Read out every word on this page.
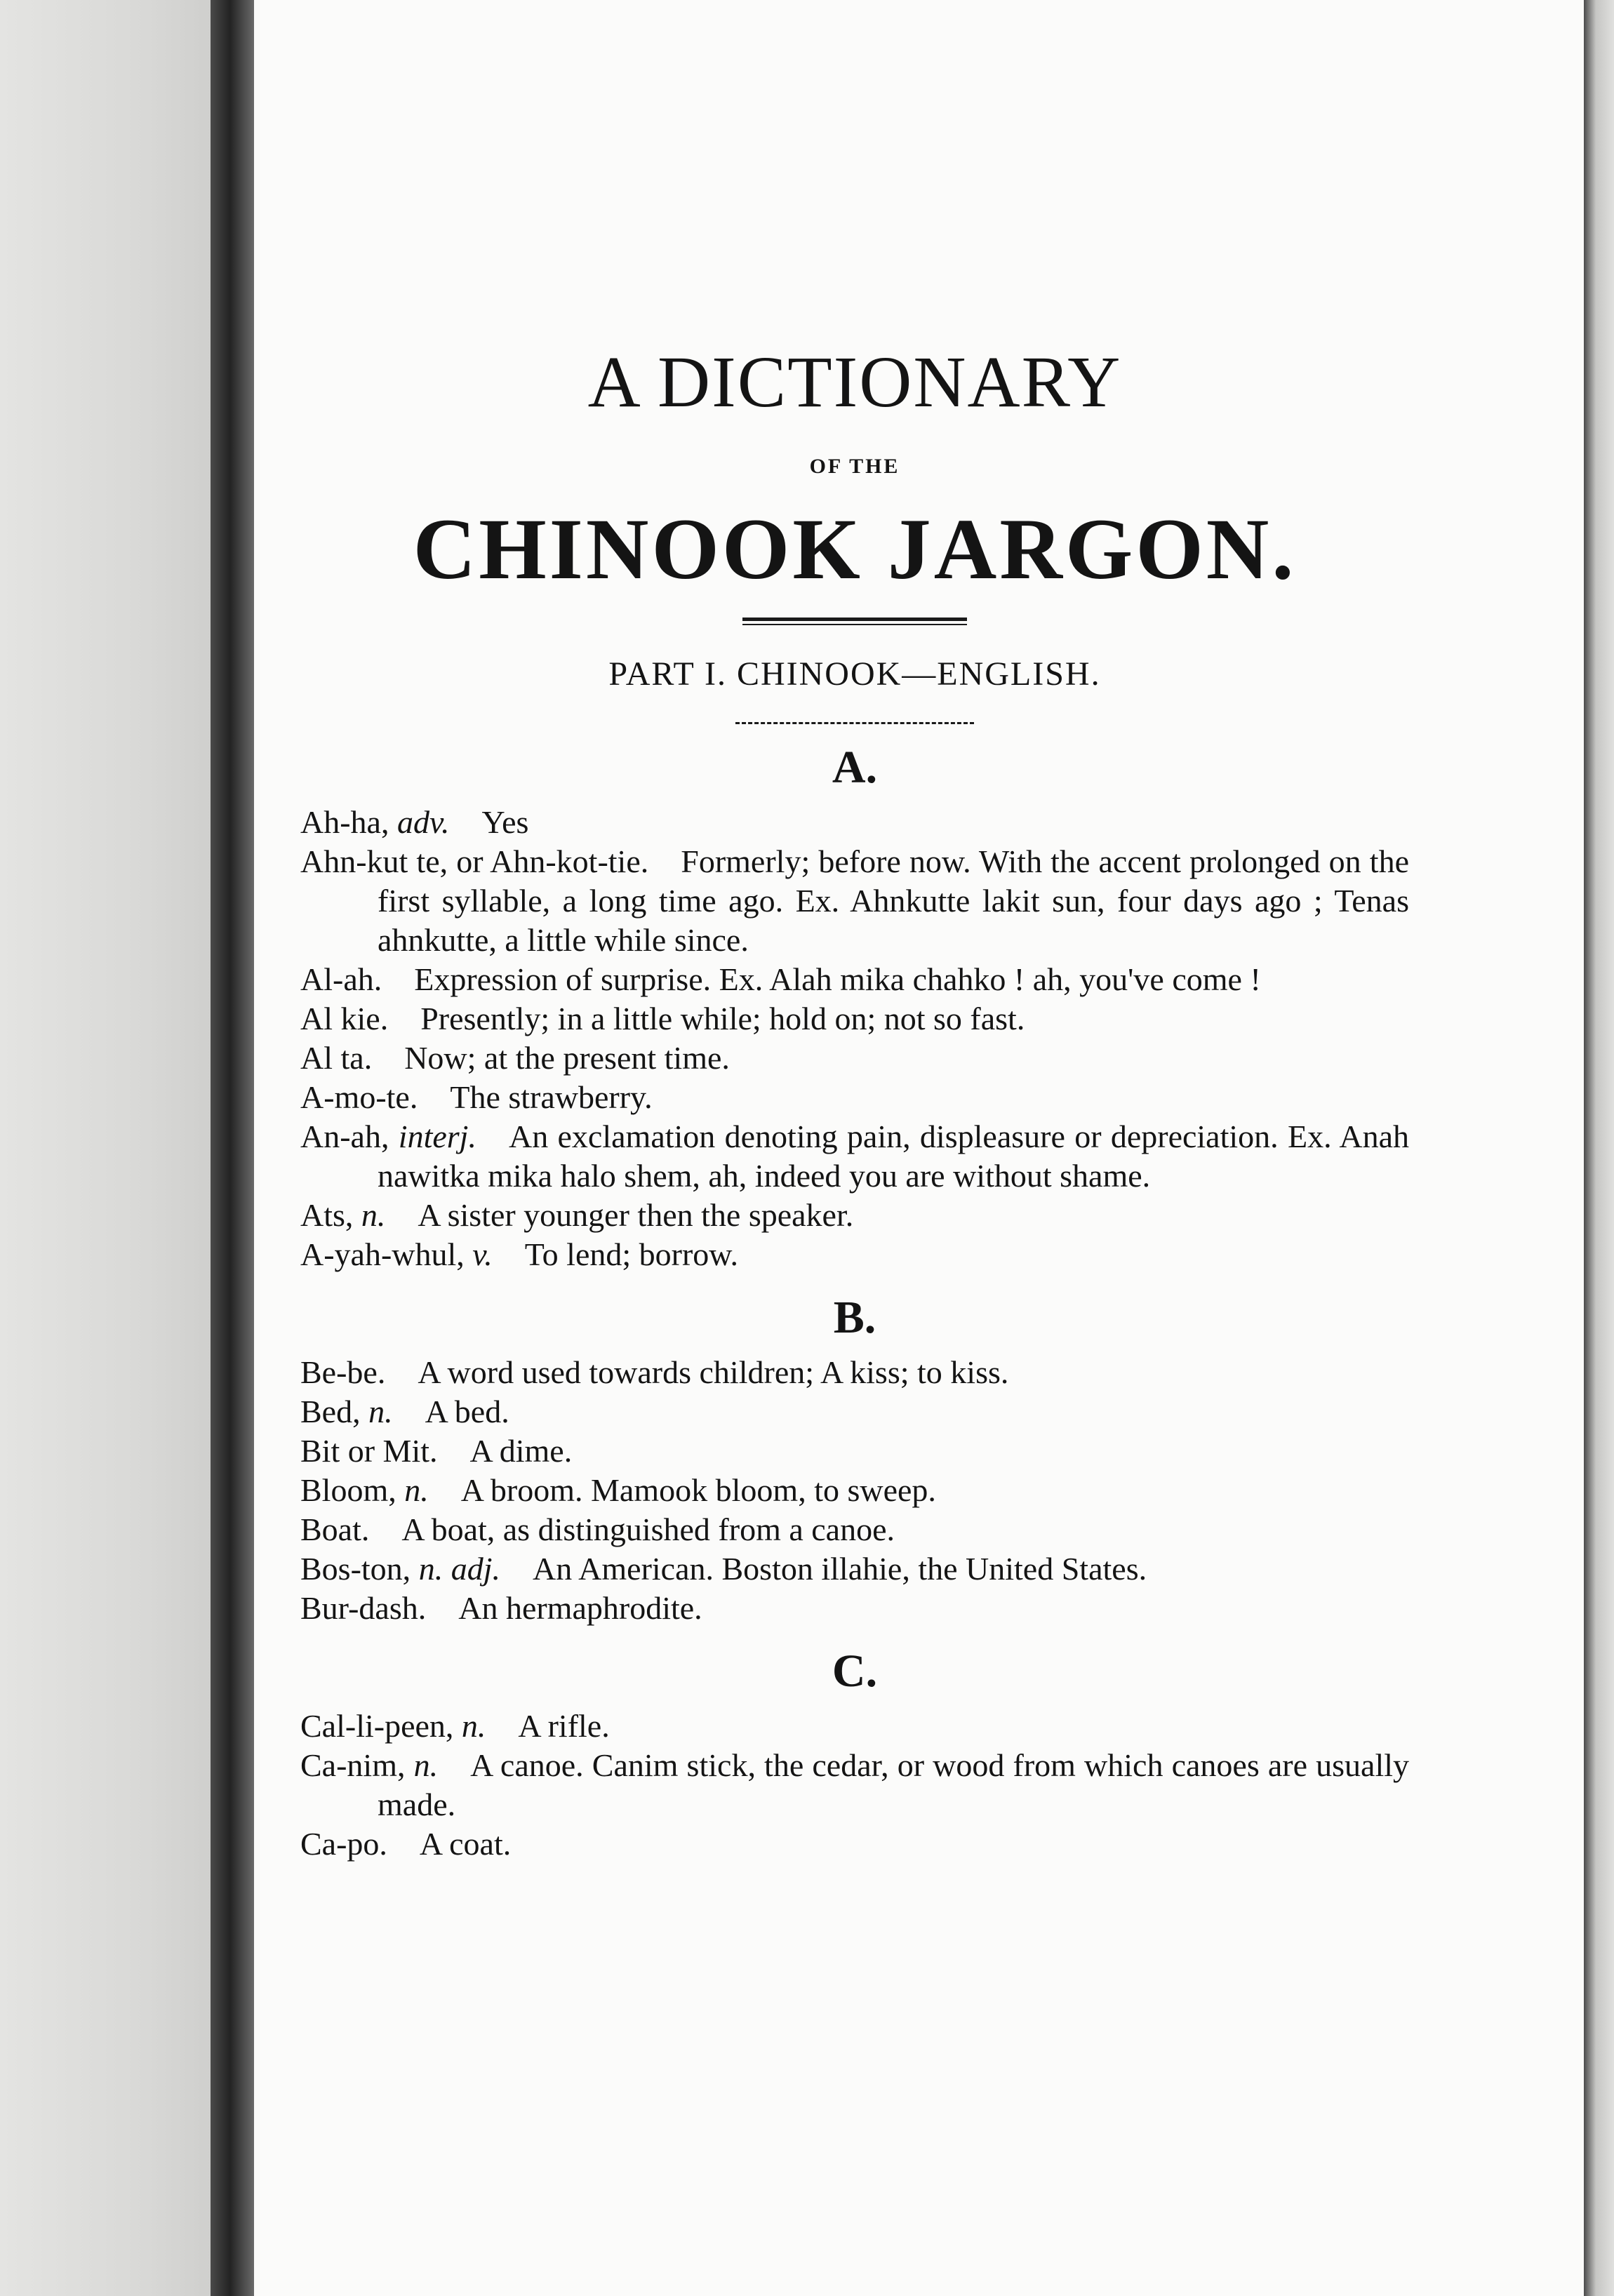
A DICTIONARY
OF THE
CHINOOK JARGON.
PART I. CHINOOK—ENGLISH.
A.
Ah-ha, adv.  Yes
Ahn-kut te, or Ahn-kot-tie.  Formerly; before now. With the accent prolonged on the first syllable, a long time ago. Ex. Ahnkutte lakit sun, four days ago ; Tenas ahnkutte, a little while since.
Al-ah.  Expression of surprise. Ex. Alah mika chahko ! ah, you've come !
Al kie.  Presently; in a little while; hold on; not so fast.
Al ta.  Now; at the present time.
A-mo-te.  The strawberry.
An-ah, interj.  An exclamation denoting pain, displeasure or depreciation. Ex. Anah nawitka mika halo shem, ah, indeed you are without shame.
Ats, n.  A sister younger then the speaker.
A-yah-whul, v.  To lend; borrow.
B.
Be-be.  A word used towards children; A kiss; to kiss.
Bed, n.  A bed.
Bit or Mit.  A dime.
Bloom, n.  A broom. Mamook bloom, to sweep.
Boat.  A boat, as distinguished from a canoe.
Bos-ton, n. adj.  An American. Boston illahie, the United States.
Bur-dash.  An hermaphrodite.
C.
Cal-li-peen, n.  A rifle.
Ca-nim, n.  A canoe. Canim stick, the cedar, or wood from which canoes are usually made.
Ca-po.  A coat.
